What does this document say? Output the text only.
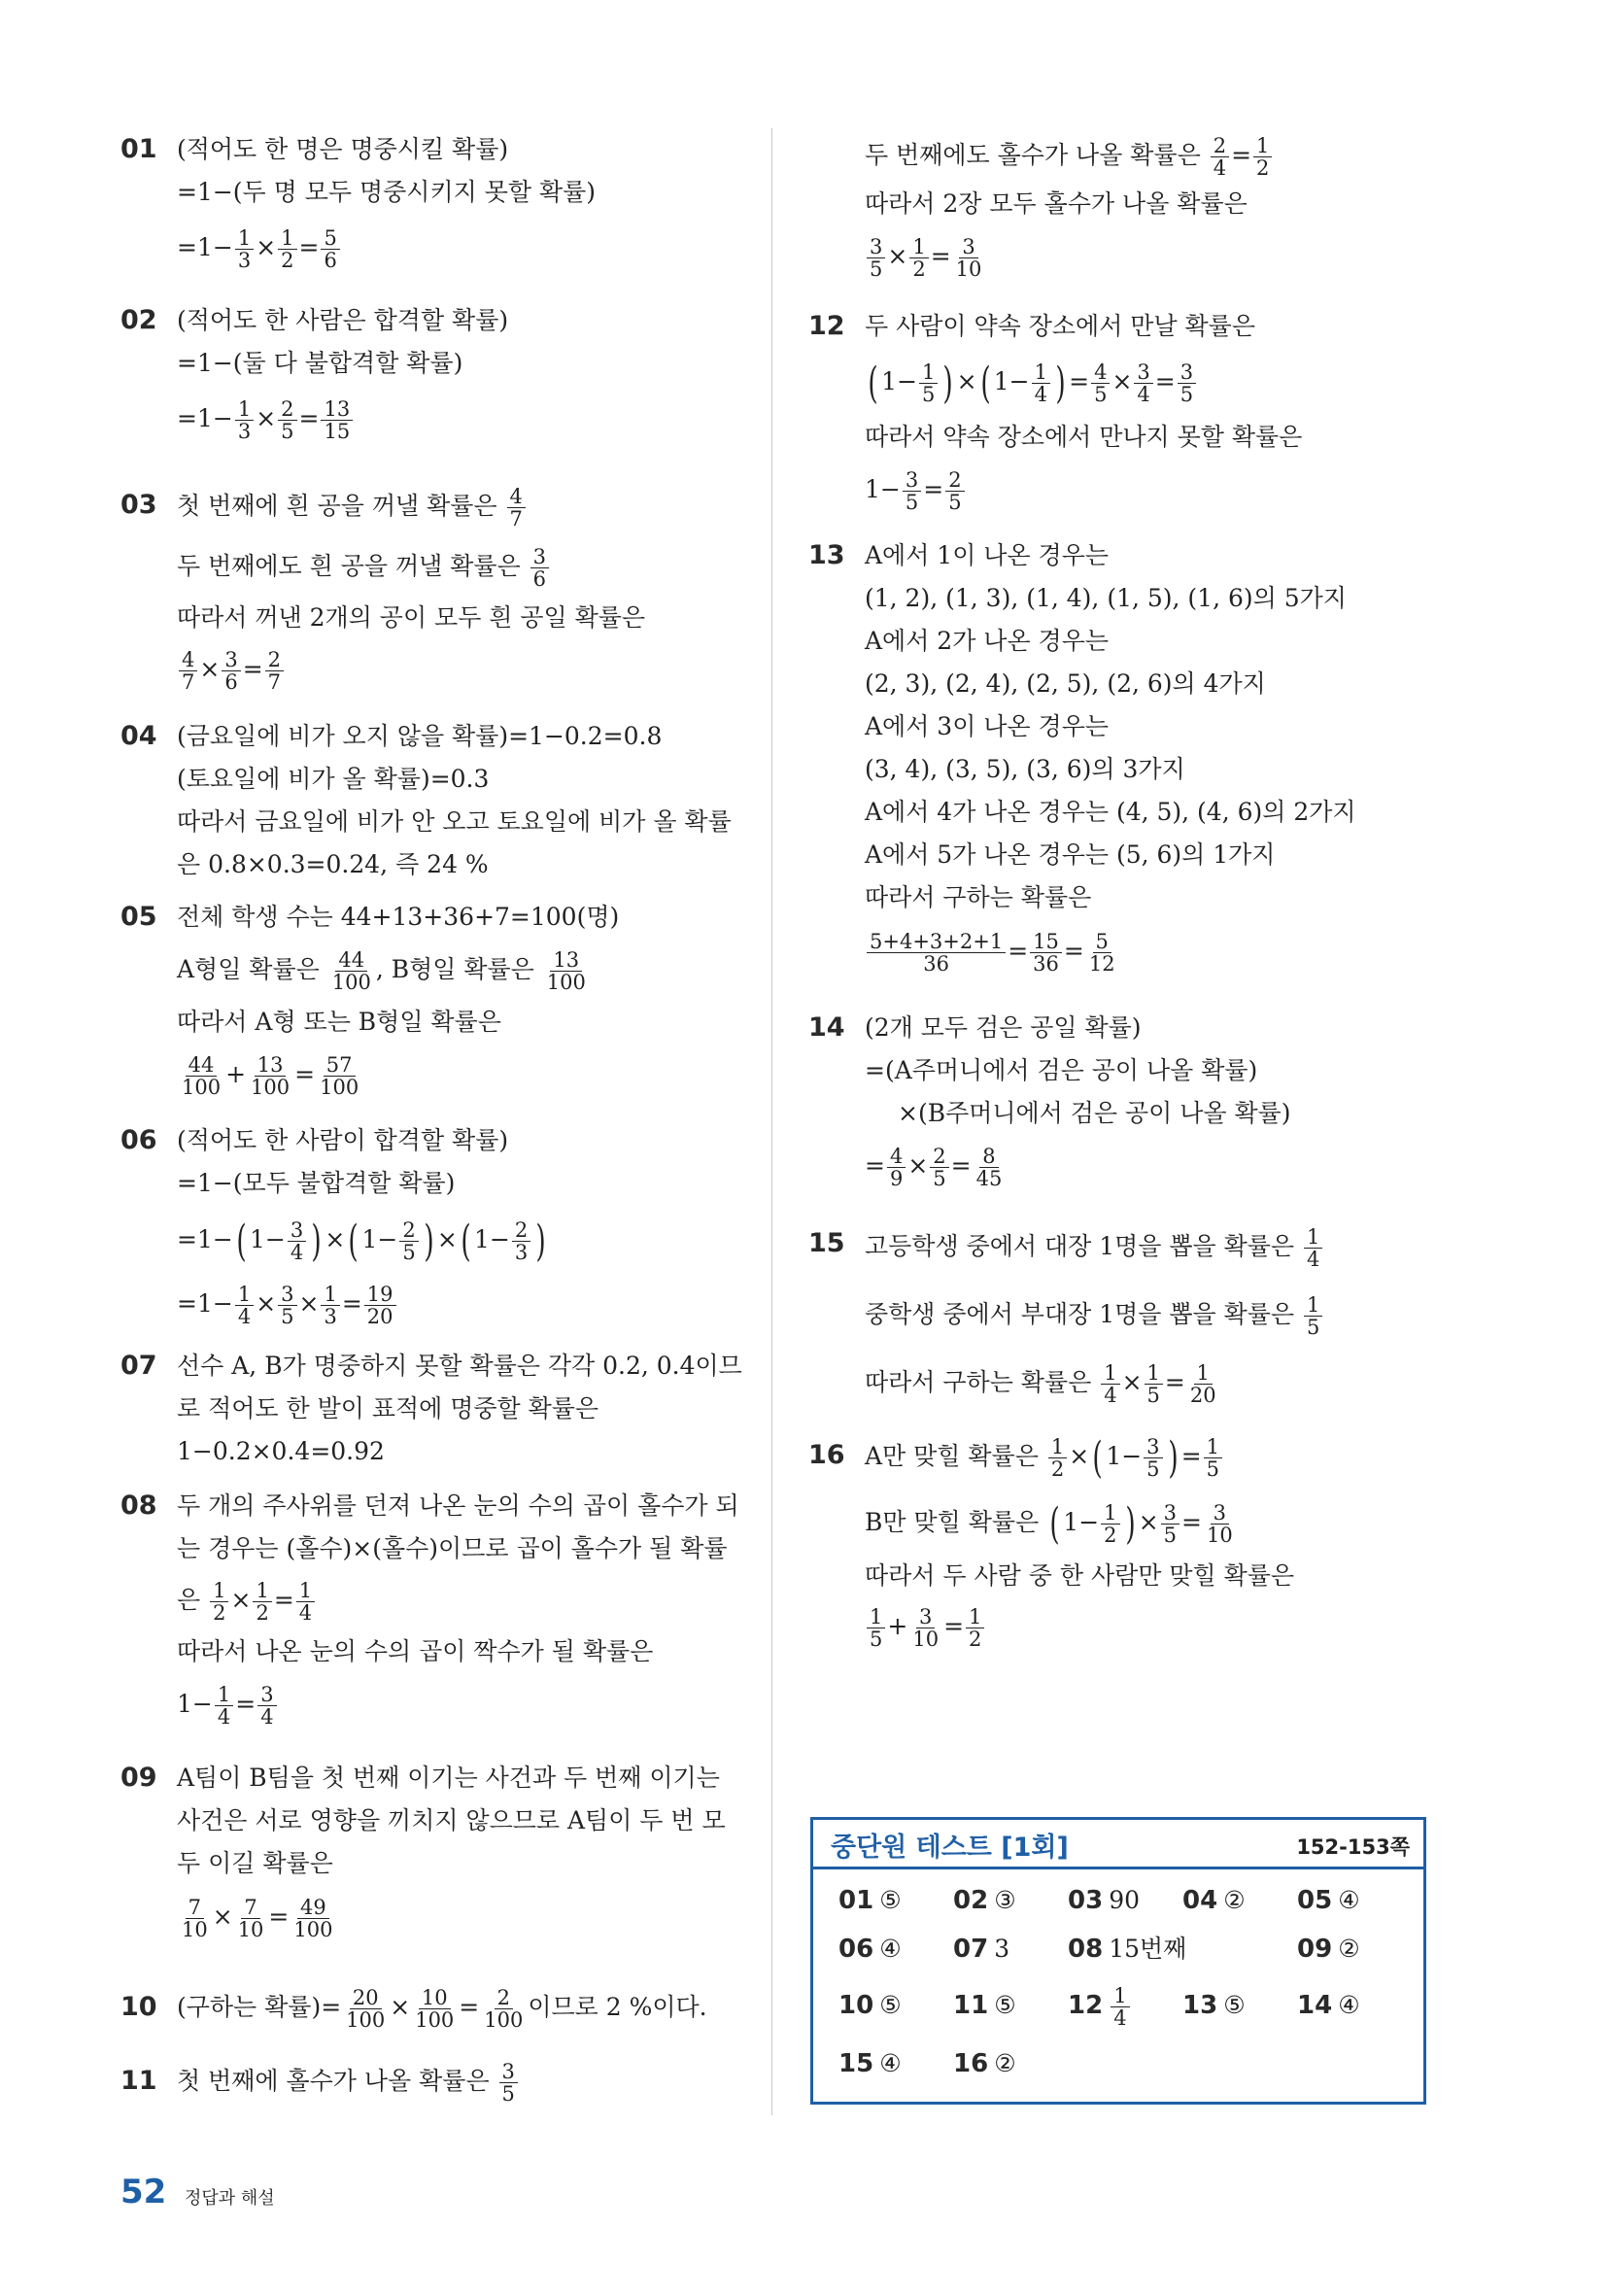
01 (적어도 한 명은 명중시킬 확률)
=1−(두 명 모두 명중시키지 못할 확률)
$=1- \frac{1}{3} \times \frac{1}{2} = \frac{5}{6}$
02 (적어도 한 사람은 합격할 확률)
=1−(둘 다 불합격할 확률)
$=1- \frac{1}{3} \times \frac{2}{5} = \frac{13}{15}$
03 첫 번째에 흰 공을 꺼낼 확률은 $\frac{4}{7}$
두 번째에도 흰 공을 꺼낼 확률은 $\frac{3}{6}$
따라서 꺼낸 2개의 공이 모두 흰 공일 확률은
$\frac{4}{7} \times \frac{3}{6} = \frac{2}{7}$
04 (금요일에 비가 오지 않을 확률)=1−0.2=0.8
(토요일에 비가 올 확률)=0.3
따라서 금요일에 비가 안 오고 토요일에 비가 올 확률
은 0.8×0.3=0.24, 즉 24 %
05 전체 학생 수는 44+13+36+7=100(명)
A형일 확률은 $\frac{44}{100}$ , B형일 확률은 $\frac{13}{100}$
따라서 A형 또는 B형일 확률은
$\frac{44}{100} + \frac{13}{100} = \frac{57}{100}$
06 (적어도 한 사람이 합격할 확률)
=1−(모두 불합격할 확률)
=1−( $1- \frac{3}{4}$ ) ×( $1- \frac{2}{5}$ ) ×( $1- \frac{2}{3}$ )
$=1- \frac{1}{4} \times \frac{3}{5} \times \frac{1}{3} = \frac{19}{20}$
07 선수 A, B가 명중하지 못할 확률은 각각 0.2, 0.4이므
로 적어도 한 발이 표적에 명중할 확률은
1−0.2×0.4=0.92
08 두 개의 주사위를 던져 나온 눈의 수의 곱이 홀수가 되
는 경우는 (홀수)×(홀수)이므로 곱이 홀수가 될 확률
은 $\frac{1}{2} \times \frac{1}{2} = \frac{1}{4}$
따라서 나온 눈의 수의 곱이 짝수가 될 확률은
$1- \frac{1}{4} = \frac{3}{4}$
09 A팀이 B팀을 첫 번째 이기는 사건과 두 번째 이기는
사건은 서로 영향을 끼치지 않으므로 A팀이 두 번 모
두 이길 확률은
$\frac{7}{10} \times \frac{7}{10} = \frac{49}{100}$
10 (구하는 확률)= $\frac{20}{100} \times \frac{10}{100} = \frac{2}{100}$ 이므로 2 %이다.
11 첫 번째에 홀수가 나올 확률은 $\frac{3}{5}$
두 번째에도 홀수가 나올 확률은 $\frac{2}{4} = \frac{1}{2}$
따라서 2장 모두 홀수가 나올 확률은
$\frac{3}{5} \times \frac{1}{2} = \frac{3}{10}$
12 두 사람이 약속 장소에서 만날 확률은
( $1- \frac{1}{5}$ ) ×( $1- \frac{1}{4}$ ) = $\frac{4}{5} \times \frac{3}{4} = \frac{3}{5}$
따라서 약속 장소에서 만나지 못할 확률은
$1- \frac{3}{5} = \frac{2}{5}$
13 A에서 1이 나온 경우는
(1, 2), (1, 3), (1, 4), (1, 5), (1, 6)의 5가지
A에서 2가 나온 경우는
(2, 3), (2, 4), (2, 5), (2, 6)의 4가지
A에서 3이 나온 경우는
(3, 4), (3, 5), (3, 6)의 3가지
A에서 4가 나온 경우는 (4, 5), (4, 6)의 2가지
A에서 5가 나온 경우는 (5, 6)의 1가지
따라서 구하는 확률은
$\frac{5+4+3+2+1}{36} = \frac{15}{36} = \frac{5}{12}$
14 (2개 모두 검은 공일 확률)
=(A주머니에서 검은 공이 나올 확률)
×(B주머니에서 검은 공이 나올 확률)
= $\frac{4}{9} \times \frac{2}{5} = \frac{8}{45}$
15 고등학생 중에서 대장 1명을 뽑을 확률은 $\frac{1}{4}$
중학생 중에서 부대장 1명을 뽑을 확률은 $\frac{1}{5}$
따라서 구하는 확률은 $\frac{1}{4} \times \frac{1}{5} = \frac{1}{20}$
16 A만 맞힐 확률은 $\frac{1}{2}$ ×( $1- \frac{3}{5}$ ) = $\frac{1}{5}$
B만 맞힐 확률은 ( $1- \frac{1}{2}$ ) × $\frac{3}{5} = \frac{3}{10}$
따라서 두 사람 중 한 사람만 맞힐 확률은
$\frac{1}{5} + \frac{3}{10} = \frac{1}{2}$
중단원 테스트 [1회]	152-153쪽
01 ⑤ 02 ③ 03 90 04 ② 05 ④
06 ④ 07 3 08 15번째	09 ②
10 ⑤ 11 ⑤ $12 \frac{1}{4} 13$ ⑤ 14 ④
15 ④ 16 ②
52 정답과 해설
